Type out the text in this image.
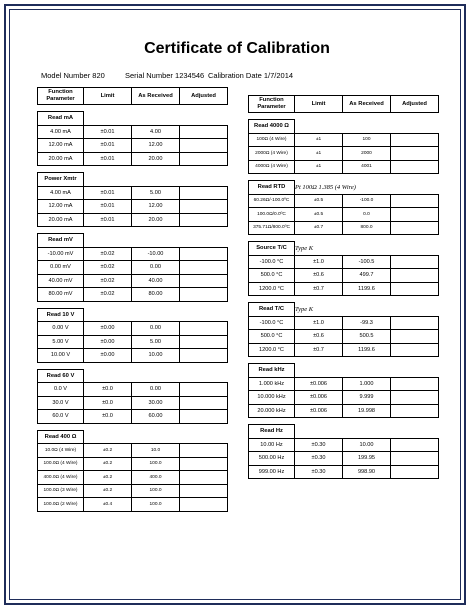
Certificate of Calibration
Model Number 820	Serial Number 1234546 Calibration Date 1/7/2014
Function Parameter	Limit	As Received	Adjusted

Read mA			
4.00 mA	±0.01	4.00	
12.00 mA	±0.01	12.00	
20.00 mA	±0.01	20.00	

Power Xmtr			
4.00 mA	±0.01	5.00	
12.00 mA	±0.01	12.00	
20.00 mA	±0.01	20.00	

Read mV			
-10.00 mV	±0.02	-10.00	
0.00 mV	±0.02	0.00	
40.00 mV	±0.02	40.00	
80.00 mV	±0.02	80.00	

Read 10 V			
0.00 V	±0.00	0.00	
5.00 V	±0.00	5.00	
10.00 V	±0.00	10.00	

Read 60 V			
0.0 V	±0.0	0.00	
30.0 V	±0.0	30.00	
60.0 V	±0.0	60.00	

Read 400 Ω			
10.0Ω (4 Wire)	±0.2	10.0	
100.0Ω (4 Wire)	±0.2	100.0	
400.0Ω (4 Wire)	±0.2	400.0	
100.0Ω (3 Wire)	±0.2	100.0	
100.0Ω (2 Wire)	±0.4	100.0	
Function Parameter	Limit	As Received	Adjusted

Read 4000 Ω			
100Ω (4 Wire)	±1	100	
2000Ω (4 Wire)	±1	2000	
4000Ω (4 Wire)	±1	4001	

Read RTD	Pt 100Ω 1.385 (4 Wire)		
60.26Ω/-100.0ºC	±0.5	-100.0	
100.0Ω/0.0ºC	±0.5	0.0	
375.71Ω/800.0ºC	±0.7	800.0	

Source T/C	Type K		
-100.0 °C	±1.0	-100.5	
500.0 °C	±0.6	499.7	
1200.0 °C	±0.7	1199.6	

Read T/C	Type K		
-100.0 °C	±1.0	-99.3	
500.0 °C	±0.6	500.5	
1200.0 °C	±0.7	1199.6	

Read kHz			
1.000 kHz	±0.006	1.000	
10.000 kHz	±0.006	9.999	
20.000 kHz	±0.006	19.998	

Read Hz			
10.00 Hz	±0.30	10.00	
500.00 Hz	±0.30	199.95	
999.00 Hz	±0.30	998.90	
